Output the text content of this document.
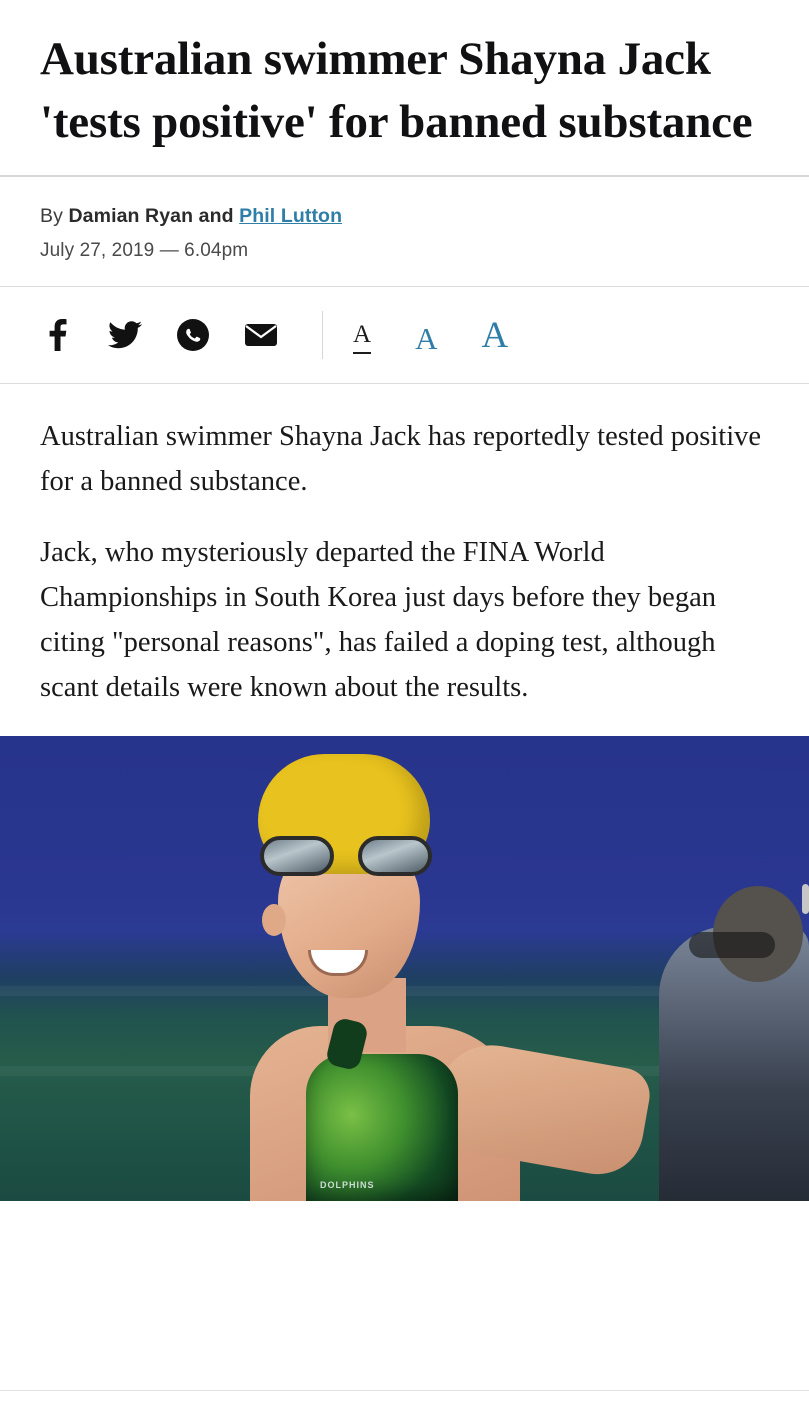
Australian swimmer Shayna Jack 'tests positive' for banned substance
By Damian Ryan and Phil Lutton
July 27, 2019 — 6.04pm
A A A

Australian swimmer Shayna Jack has reportedly tested positive for a banned substance.

Jack, who mysteriously departed the FINA World Championships in South Korea just days before they began citing "personal reasons", has failed a doping test, although scant details were known about the results.

DOLPHINS
